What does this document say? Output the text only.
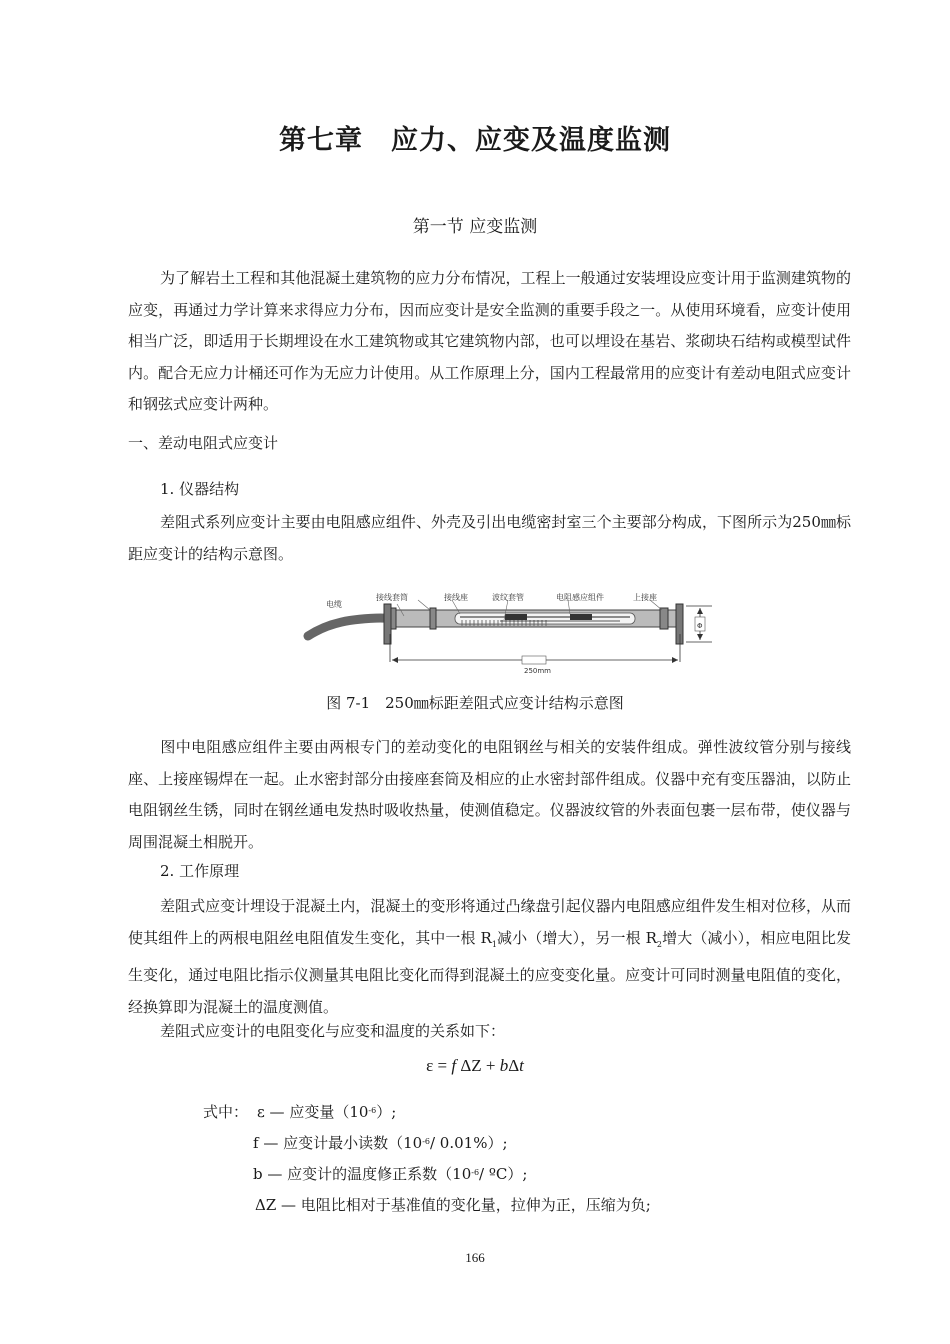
第七章　应力、应变及温度监测
第一节 应变监测
为了解岩土工程和其他混凝土建筑物的应力分布情况，工程上一般通过安装埋设应变计用于监测建筑物的应变，再通过力学计算来求得应力分布，因而应变计是安全监测的重要手段之一。从使用环境看，应变计使用相当广泛，即适用于长期埋设在水工建筑物或其它建筑物内部，也可以埋设在基岩、浆砌块石结构或模型试件内。配合无应力计桶还可作为无应力计使用。从工作原理上分，国内工程最常用的应变计有差动电阻式应变计和钢弦式应变计两种。
一、差动电阻式应变计
1. 仪器结构
差阻式系列应变计主要由电阻感应组件、外壳及引出电缆密封室三个主要部分构成，下图所示为250㎜标距应变计的结构示意图。
电缆
接线套筒	接线座	波纹套管	电阻感应组件	上接座
250mm
Φ
图 7-1　250㎜标距差阻式应变计结构示意图
图中电阻感应组件主要由两根专门的差动变化的电阻钢丝与相关的安装件组成。弹性波纹管分别与接线座、上接座锡焊在一起。止水密封部分由接座套筒及相应的止水密封部件组成。仪器中充有变压器油，以防止电阻钢丝生锈，同时在钢丝通电发热时吸收热量，使测值稳定。仪器波纹管的外表面包裹一层布带，使仪器与周围混凝土相脱开。
2. 工作原理
差阻式应变计埋设于混凝土内，混凝土的变形将通过凸缘盘引起仪器内电阻感应组件发生相对位移，从而使其组件上的两根电阻丝电阻值发生变化，其中一根 $R_1$减小（增大），另一根 $R_2$增大（减小），相应电阻比发生变化，通过电阻比指示仪测量其电阻比变化而得到混凝土的应变变化量。应变计可同时测量电阻值的变化，经换算即为混凝土的温度测值。
差阻式应变计的电阻变化与应变和温度的关系如下：
ε = f ΔZ + bΔt
式中： ε — 应变量$(10^{-6})$;
f — 应变计最小读数（$10^{-6}/$ 0.01%）;
b — 应变计的温度修正系数（$10^{-6}/$ ºC）;
ΔZ — 电阻比相对于基准值的变化量，拉伸为正，压缩为负;
166
